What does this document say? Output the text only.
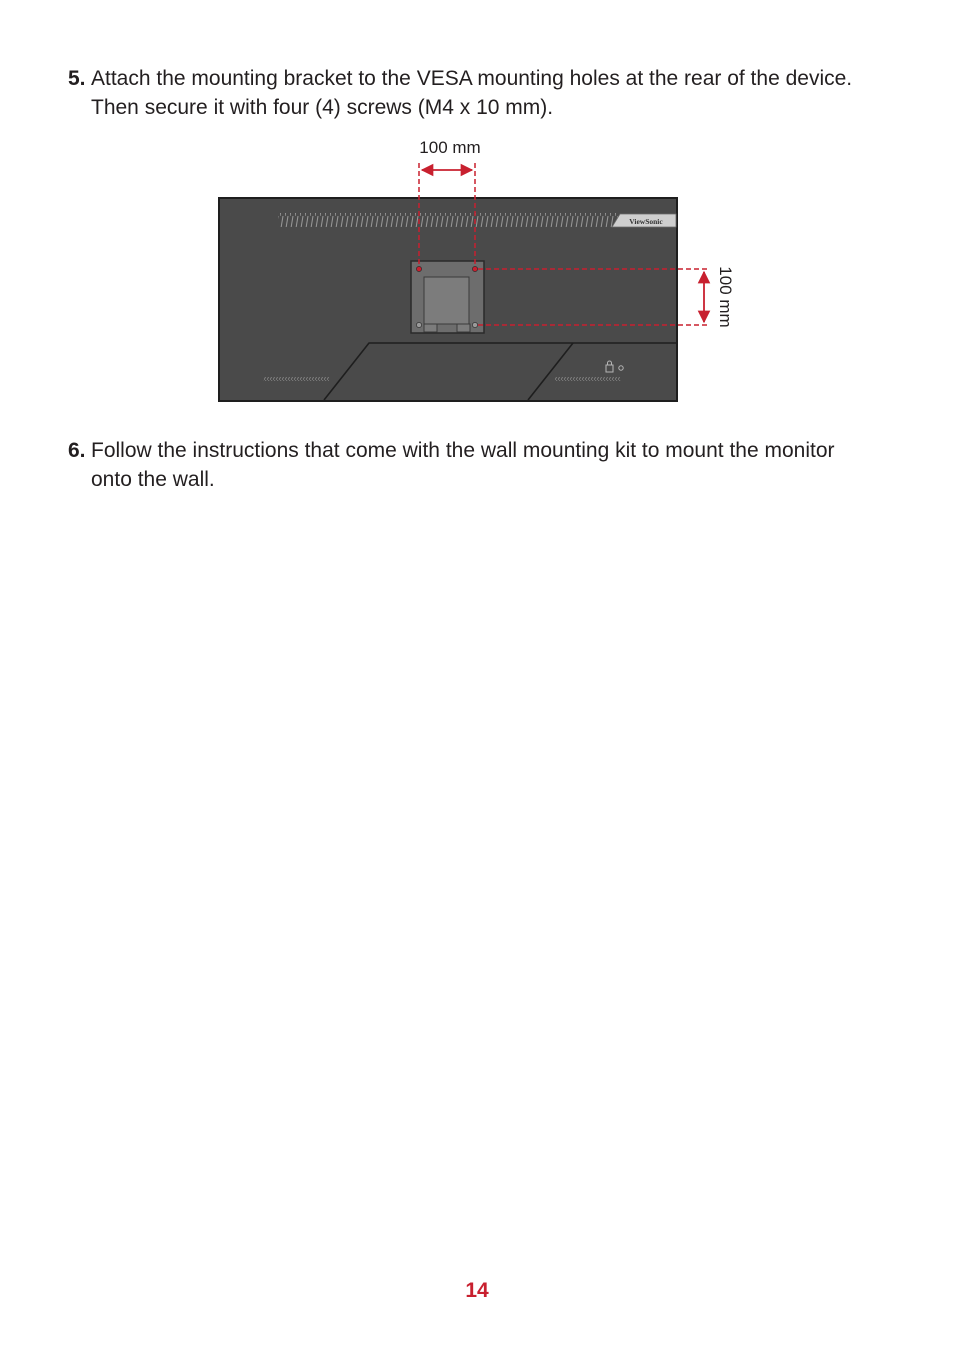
5. Attach the mounting bracket to the VESA mounting holes at the rear of the device. Then secure it with four (4) screws (M4 x 10 mm).
ViewSonic
100 mm
100 mm
6. Follow the instructions that come with the wall mounting kit to mount the monitor onto the wall.
14
